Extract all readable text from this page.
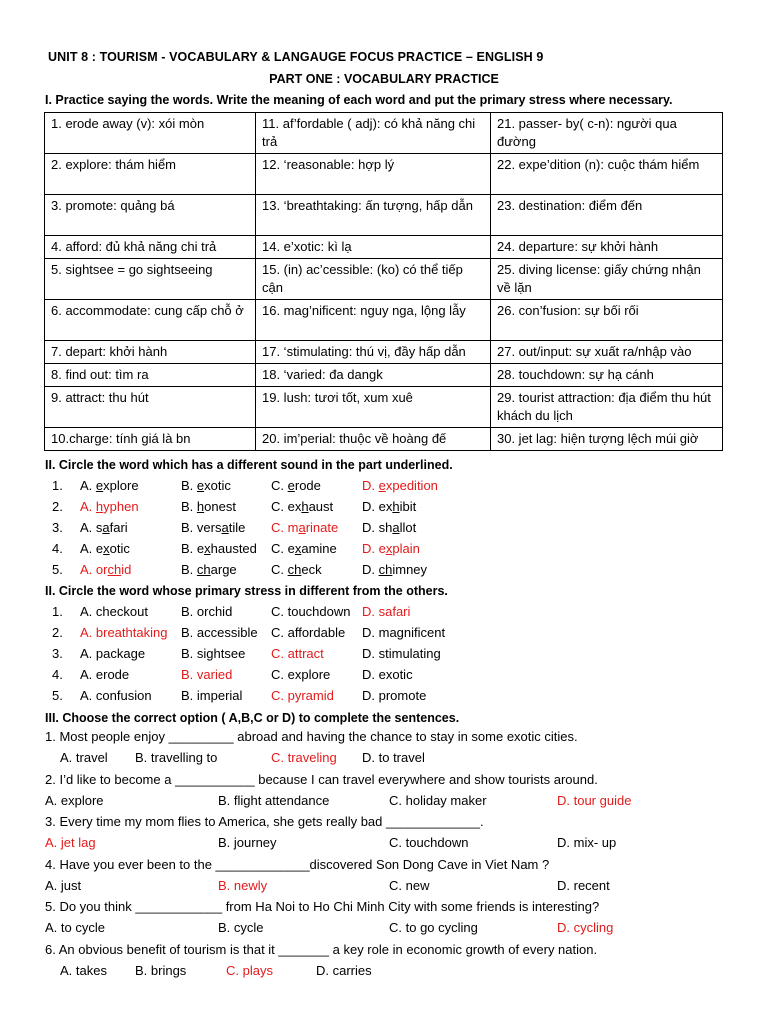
UNIT 8 : TOURISM - VOCABULARY & LANGAUGE FOCUS PRACTICE – ENGLISH 9
PART ONE : VOCABULARY PRACTICE
I. Practice saying the words. Write the meaning of each word and put the primary stress where necessary.
1. erode away (v): xói mòn	11. af’fordable ( adj): có khả năng chi trả	21. passer- by( c-n): người qua đường
2. explore: thám hiểm	12. ‘reasonable: hợp lý	22. expe’dition (n): cuộc thám hiểm
3. promote: quảng bá	13. ‘breathtaking: ấn tượng, hấp dẫn	23. destination: điểm đến
4. afford: đủ khả năng chi trả	14. e’xotic: kì lạ	24. departure: sự khởi hành
5. sightsee = go sightseeing	15. (in) ac’cessible: (ko) có thể tiếp cận	25. diving license: giấy chứng nhận về lặn
6. accommodate: cung cấp chỗ ở	16. mag’nificent: nguy nga, lộng lẫy	26. con’fusion: sự bối rối
7. depart: khởi hành	17. ‘stimulating: thú vị, đầy hấp dẫn	27. out/input: sự xuất ra/nhập vào
8. find out: tìm ra	18. ‘varied: đa dangk	28. touchdown: sự hạ cánh
9. attract: thu hút	19. lush: tươi tốt, xum xuê	29. tourist attraction: địa điểm thu hút khách du lịch
10.charge: tính giá là bn	20. im’perial: thuộc về hoàng đế	30. jet lag: hiện tượng lệch múi giờ
II. Circle the word which has a different sound in the part underlined.
1. A. explore	B. exotic	C. erode	D. expedition
2. A. hyphen	B. honest	C. exhaust D. exhibit
3. A. safari	B. versatile C. marinate D. shallot
4. A. exotic	B. exhausted C. examine D. explain
5. A. orchid	B. charge	C. check	D. chimney
II. Circle the word whose primary stress in different from the others.
1. A. checkout	B. orchid	C. touchdown D. safari
2. A. breathtaking B. accessible C. affordable D. magnificent
3. A. package	B. sightsee C. attract	D. stimulating
4. A. erode	B. varied	C. explore D. exotic
5. A. confusion B. imperial C. pyramid D. promote
III. Choose the correct option ( A,B,C or D) to complete the sentences.
1. Most people enjoy _________ abroad and having the chance to stay in some exotic cities.
A. travel B. travelling to	C. traveling D. to travel
2. I’d like to become a ___________ because I can travel everywhere and show tourists around.
A. explore	B. flight attendance	C. holiday maker	D. tour guide
3. Every time my mom flies to America, she gets really bad _____________.
A. jet lag	B. journey	C. touchdown	D. mix- up
4. Have you ever been to the _____________discovered Son Dong Cave in Viet Nam ?
A. just	B. newly	C. new	D. recent
5. Do you think ____________ from Ha Noi to Ho Chi Minh City with some friends is interesting?
A. to cycle	B. cycle	C. to go cycling	D. cycling
6. An obvious benefit of tourism is that it _______ a key role in economic growth of every nation.
A. takes B. brings	C. plays	D. carries
